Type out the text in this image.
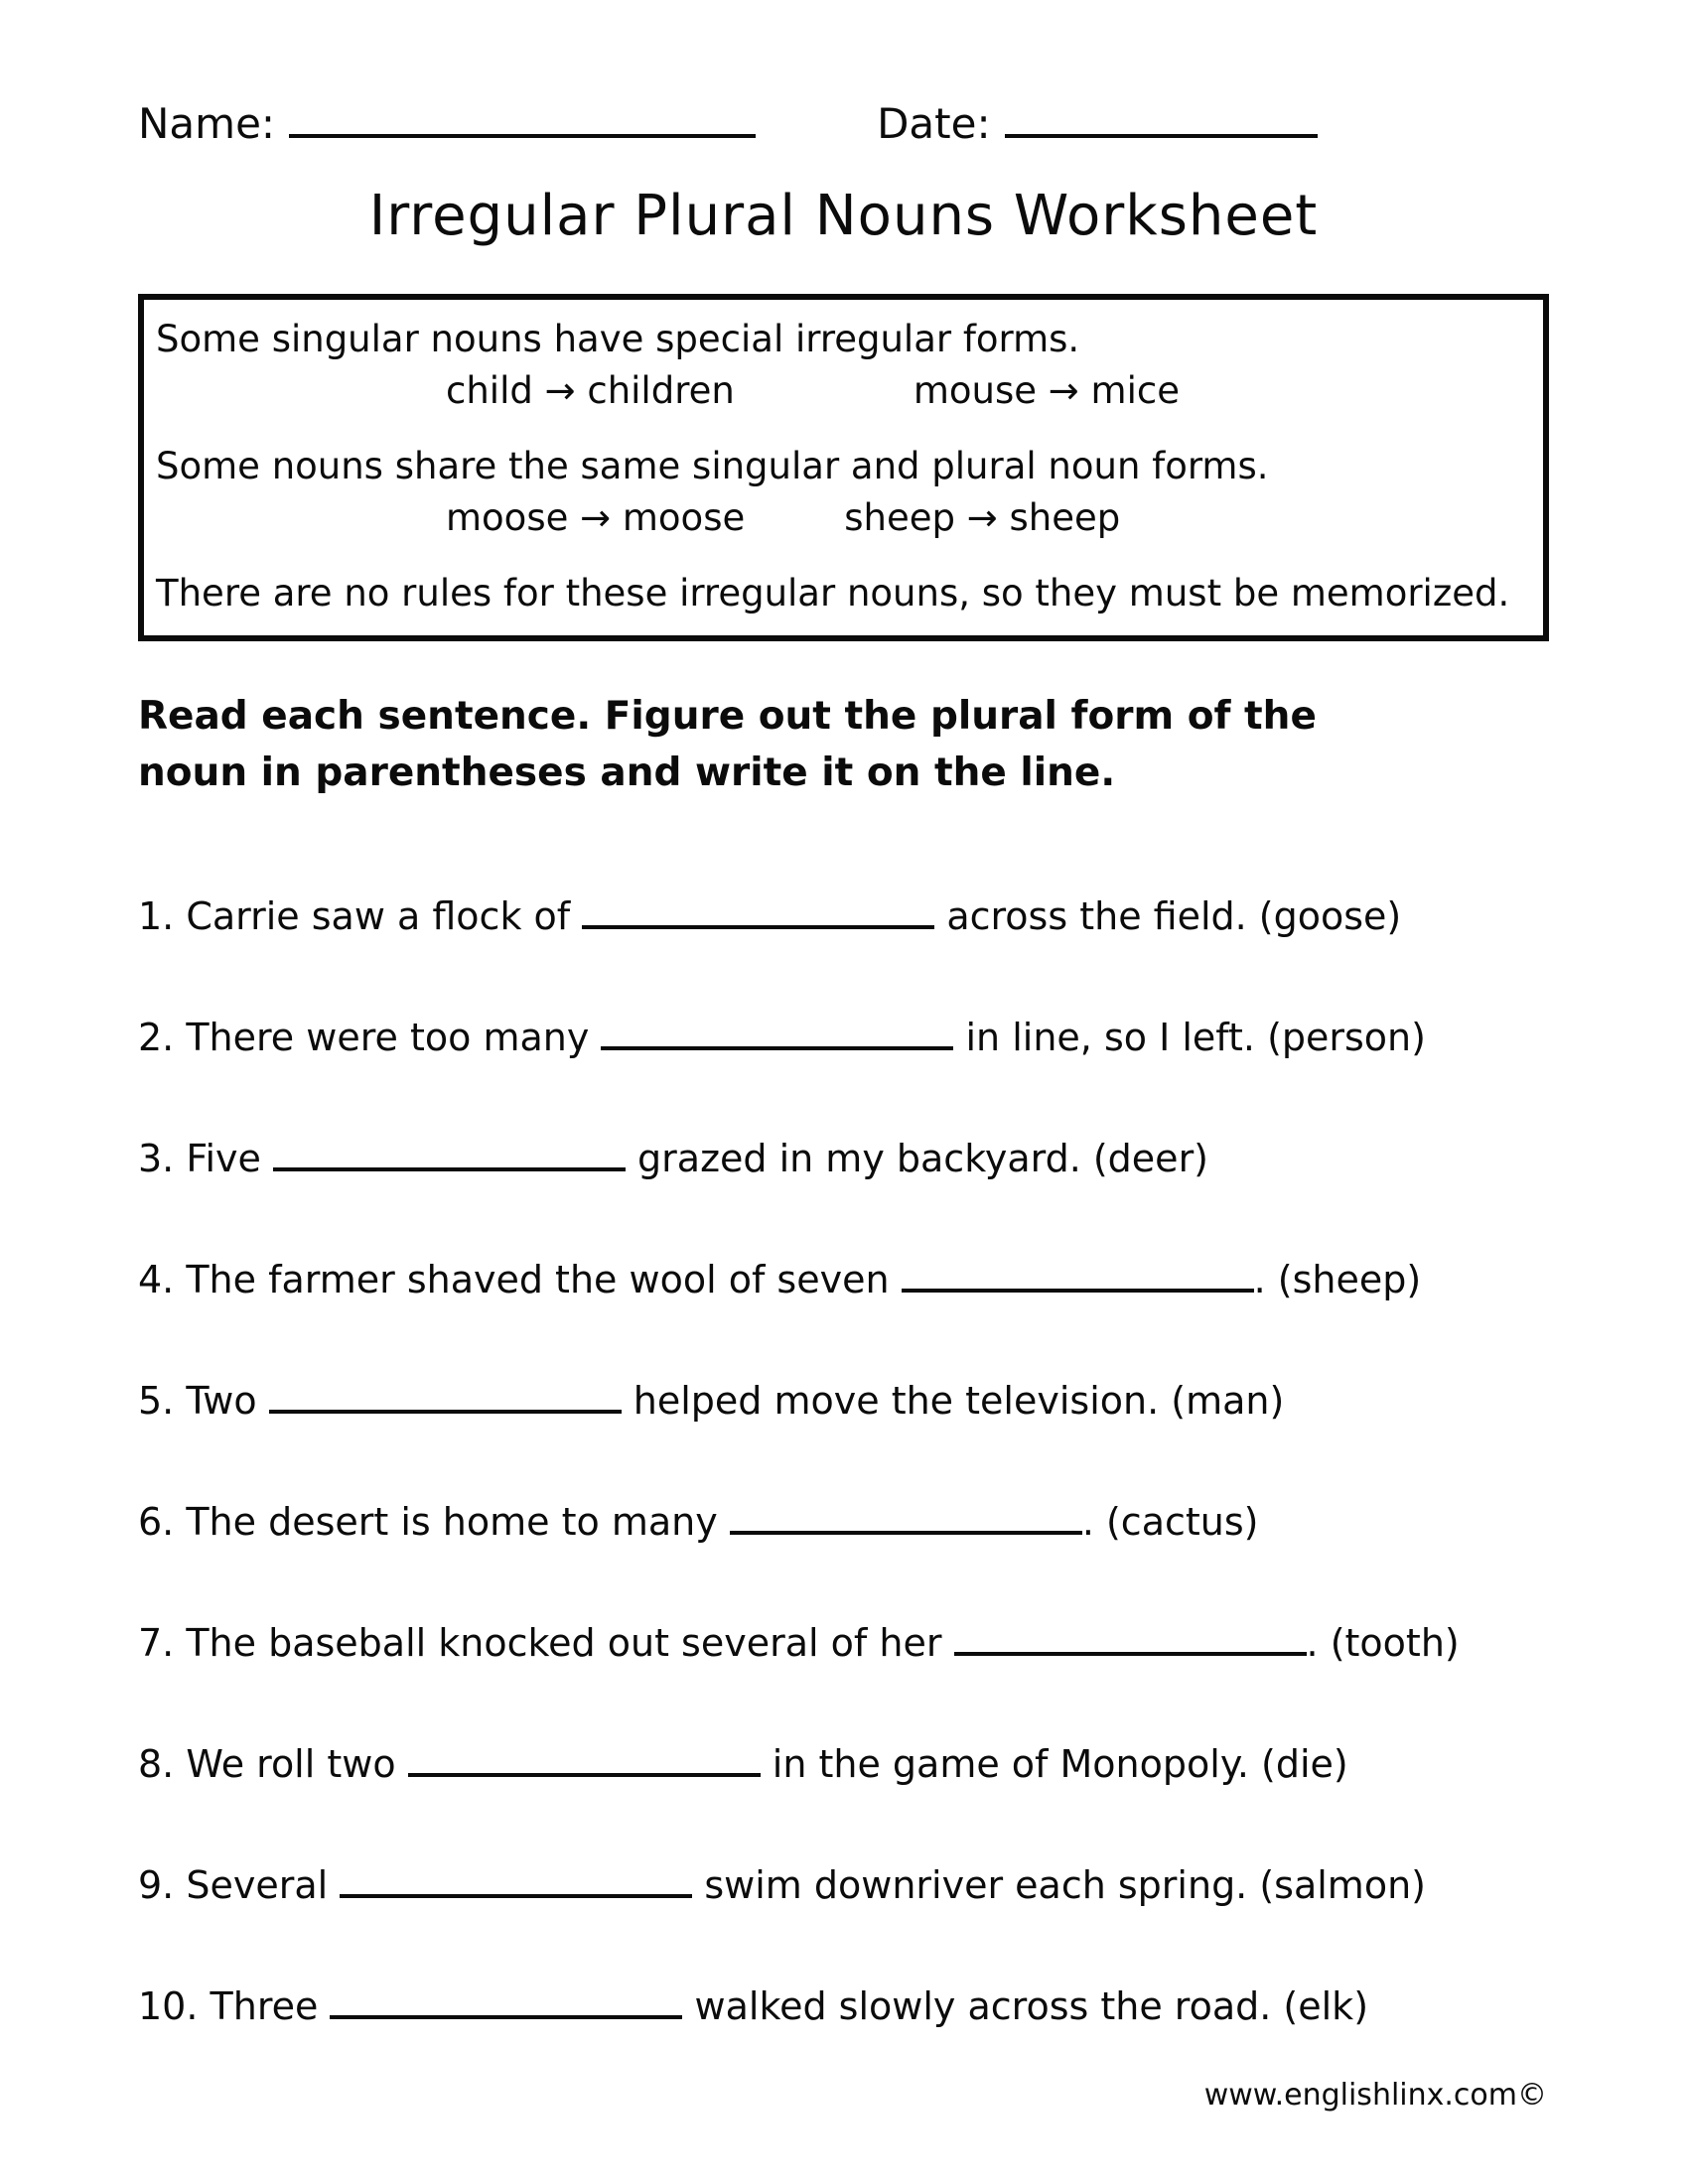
Name:	Date:
Irregular Plural Nouns Worksheet

Some singular nouns have special irregular forms.

child → children	mouse → mice

Some nouns share the same singular and plural noun forms.

moose → moose	sheep → sheep

There are no rules for these irregular nouns, so they must be memorized.

Read each sentence. Figure out the plural form of the noun in parentheses and write it on the line.

1. Carrie saw a flock of	across the field. (goose)

2. There were too many	in line, so I left. (person)

3. Five	grazed in my backyard. (deer)

4. The farmer shaved the wool of seven	. (sheep)

5. Two	helped move the television. (man)

6. The desert is home to many	. (cactus)

7. The baseball knocked out several of her	. (tooth)

8. We roll two	in the game of Monopoly. (die)

9. Several	swim downriver each spring. (salmon)

10. Three	walked slowly across the road. (elk)

www.englishlinx.com©
